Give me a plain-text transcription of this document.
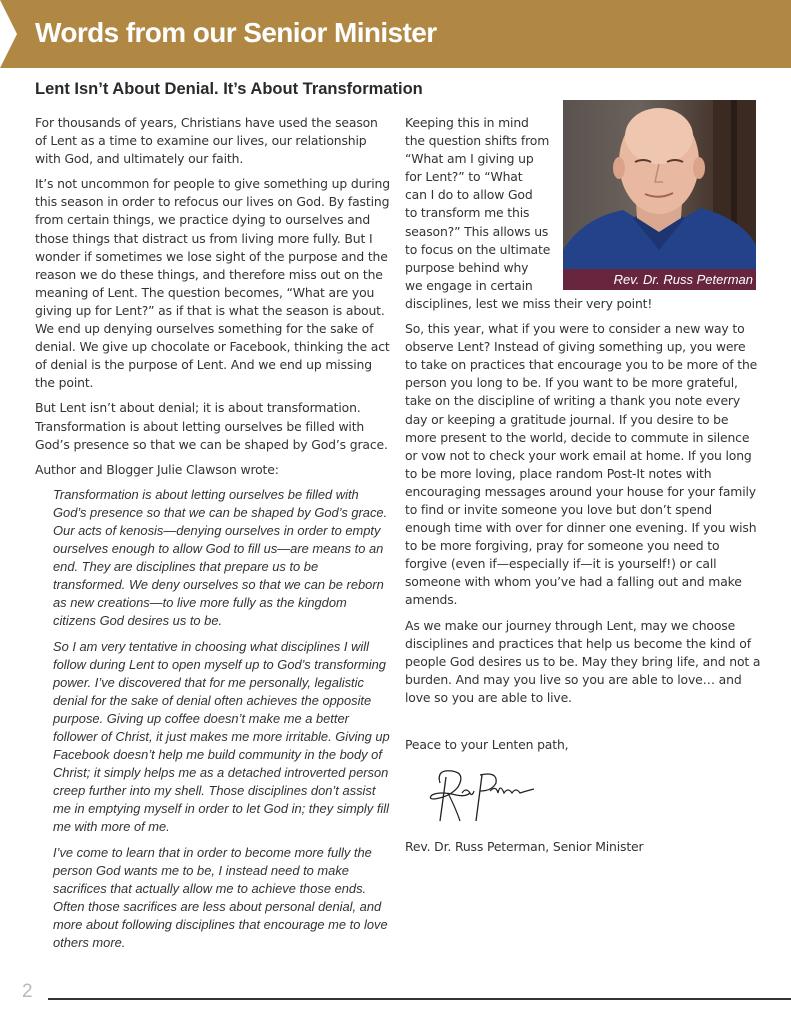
Words from our Senior Minister
Lent Isn’t About Denial. It’s About Transformation

For thousands of years, Christians have used the season of Lent as a time to examine our lives, our relationship with God, and ultimately our faith.

It’s not uncommon for people to give something up during this season in order to refocus our lives on God. By fasting from certain things, we practice dying to ourselves and those things that distract us from living more fully. But I wonder if sometimes we lose sight of the purpose and the reason we do these things, and therefore miss out on the meaning of Lent. The question becomes, “What are you giving up for Lent?” as if that is what the season is about. We end up denying ourselves something for the sake of denial. We give up chocolate or Facebook, thinking the act of denial is the purpose of Lent. And we end up missing the point.

But Lent isn’t about denial; it is about transformation. Transformation is about letting ourselves be filled with God’s presence so that we can be shaped by God’s grace.

Author and Blogger Julie Clawson wrote:

Transformation is about letting ourselves be filled with God’s presence so that we can be shaped by God’s grace. Our acts of kenosis—denying ourselves in order to empty ourselves enough to allow God to fill us—are means to an end. They are disciplines that prepare us to be transformed. We deny ourselves so that we can be reborn as new creations—to live more fully as the kingdom citizens God desires us to be.

So I am very tentative in choosing what disciplines I will follow during Lent to open myself up to God’s transforming power. I’ve discovered that for me personally, legalistic denial for the sake of denial often achieves the opposite purpose. Giving up coffee doesn’t make me a better follower of Christ, it just makes me more irritable. Giving up Facebook doesn’t help me build community in the body of Christ; it simply helps me as a detached introverted person creep further into my shell. Those disciplines don’t assist me in emptying myself in order to let God in; they simply fill me with more of me.

I’ve come to learn that in order to become more fully the person God wants me to be, I instead need to make sacrifices that actually allow me to achieve those ends. Often those sacrifices are less about personal denial, and more about following disciplines that encourage me to love others more.

Keeping this in mind

the question shifts from

“What am I giving up

for Lent?” to “What

can I do to allow God

to transform me this

season?” This allows us

to focus on the ultimate

purpose behind why

we engage in certain

disciplines, lest we miss their very point!

So, this year, what if you were to consider a new way to observe Lent? Instead of giving something up, you were to take on practices that encourage you to be more of the person you long to be. If you want to be more grateful, take on the discipline of writing a thank you note every day or keeping a gratitude journal. If you desire to be more present to the world, decide to commute in silence or vow not to check your work email at home. If you long to be more loving, place random Post-It notes with encouraging messages around your house for your family to find or invite someone you love but don’t spend enough time with over for dinner one evening. If you wish to be more forgiving, pray for someone you need to forgive (even if—especially if—it is yourself!) or call someone with whom you’ve had a falling out and make amends.

As we make our journey through Lent, may we choose disciplines and practices that help us become the kind of people God desires us to be. May they bring life, and not a burden. And may you live so you are able to love… and love so you are able to live.

Rev. Dr. Russ Peterman

Peace to your Lenten path,

Rev. Dr. Russ Peterman, Senior Minister

2
